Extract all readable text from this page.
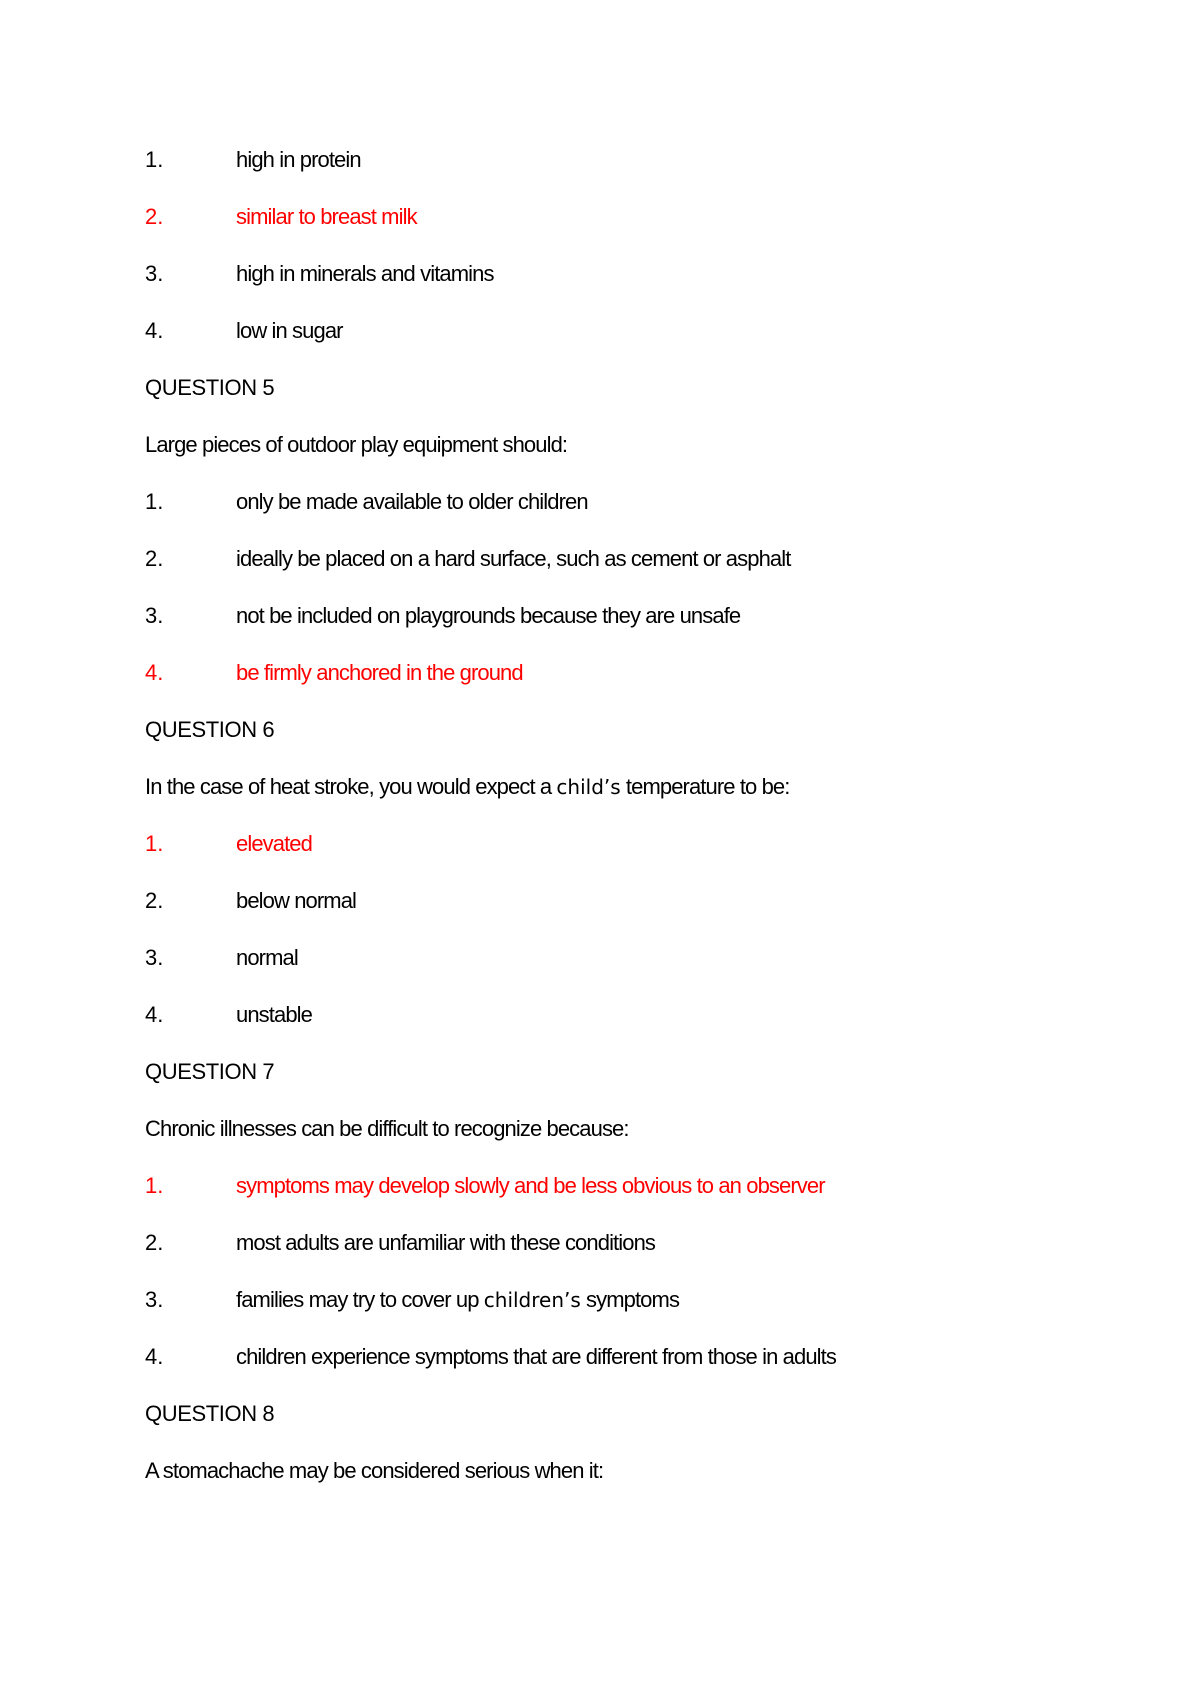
1.	high in protein
2.	similar to breast milk
3.	high in minerals and vitamins
4.	low in sugar
QUESTION 5
Large pieces of outdoor play equipment should:
1.	only be made available to older children
2.	ideally be placed on a hard surface, such as cement or asphalt
3.	not be included on playgrounds because they are unsafe
4.	be firmly anchored in the ground
QUESTION 6
In the case of heat stroke, you would expect a child’s temperature to be:
1.	elevated
2.	below normal
3.	normal
4.	unstable
QUESTION 7
Chronic illnesses can be difficult to recognize because:
1.	symptoms may develop slowly and be less obvious to an observer
2.	most adults are unfamiliar with these conditions
3.	families may try to cover up children’s symptoms
4.	children experience symptoms that are different from those in adults
QUESTION 8
A stomachache may be considered serious when it:
